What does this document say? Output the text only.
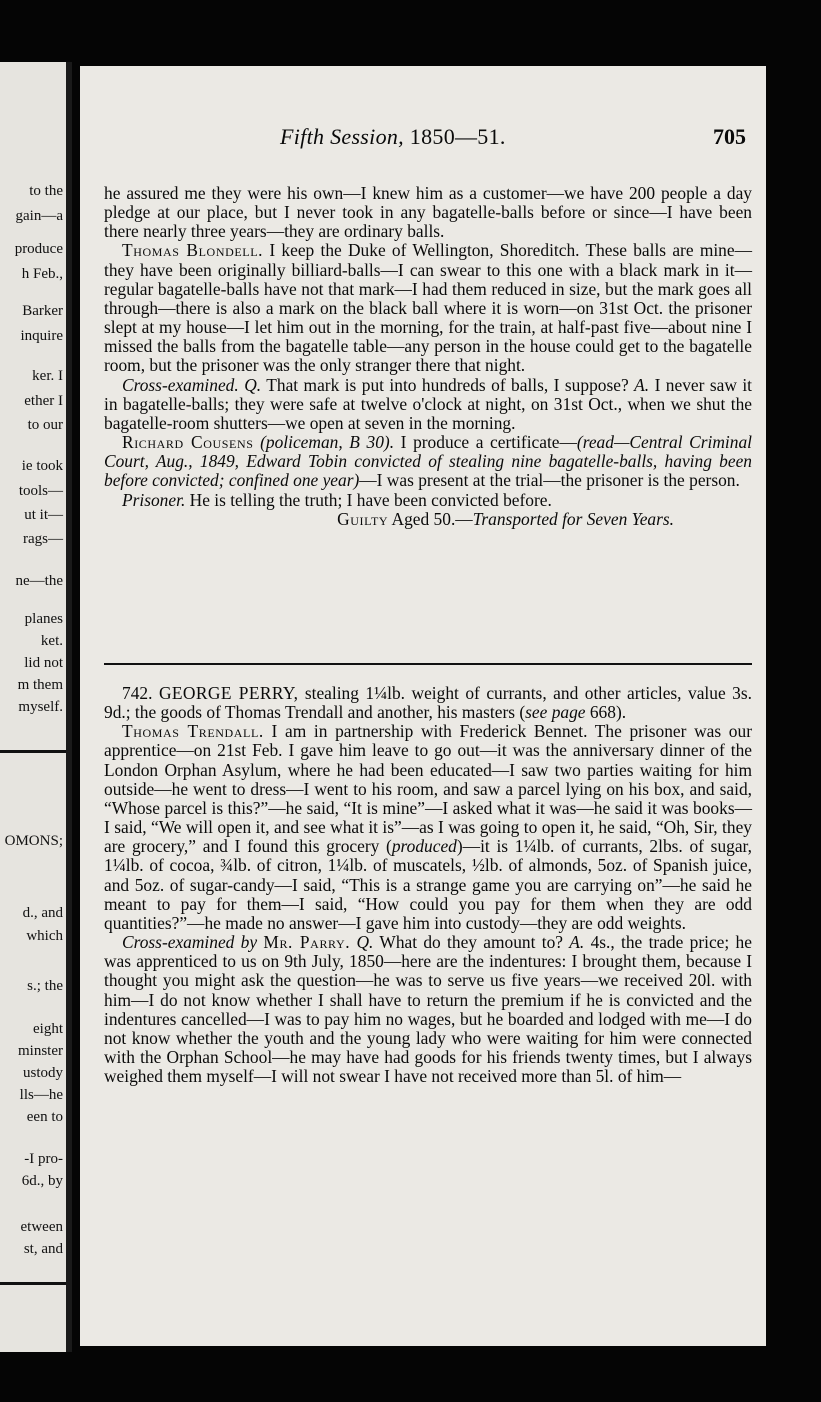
to the
gain—a
produce
h Feb.,
Barker
inquire
ker. I
ether I
to our
ie took
tools—
ut it—
rags—
ne—the
planes
ket.
lid not
m them
myself.
OMONS;
d., and
which
s.; the
eight
minster
ustody
lls—he
een to
-I pro-
6d., by
etween
st, and
Fifth Session, 1850—51.	705

he assured me they were his own—I knew him as a customer—we have 200 people a day pledge at our place, but I never took in any bagatelle-balls before or since—I have been there nearly three years—they are ordinary balls.

Thomas Blondell. I keep the Duke of Wellington, Shoreditch. These balls are mine—they have been originally billiard-balls—I can swear to this one with a black mark in it—regular bagatelle-balls have not that mark—I had them reduced in size, but the mark goes all through—there is also a mark on the black ball where it is worn—on 31st Oct. the prisoner slept at my house—I let him out in the morning, for the train, at half-past five—about nine I missed the balls from the bagatelle table—any person in the house could get to the bagatelle room, but the prisoner was the only stranger there that night.

Cross-examined. Q. That mark is put into hundreds of balls, I suppose? A. I never saw it in bagatelle-balls; they were safe at twelve o'clock at night, on 31st Oct., when we shut the bagatelle-room shutters—we open at seven in the morning.

Richard Cousens (policeman, B 30). I produce a certificate—(read—Central Criminal Court, Aug., 1849, Edward Tobin convicted of stealing nine bagatelle-balls, having been before convicted; confined one year)—I was present at the trial—the prisoner is the person.

Prisoner. He is telling the truth; I have been convicted before.

Guilty Aged 50.—Transported for Seven Years.

742. GEORGE PERRY, stealing 1¼lb. weight of currants, and other articles, value 3s. 9d.; the goods of Thomas Trendall and another, his masters (see page 668).

Thomas Trendall. I am in partnership with Frederick Bennet. The prisoner was our apprentice—on 21st Feb. I gave him leave to go out—it was the anniversary dinner of the London Orphan Asylum, where he had been educated—I saw two parties waiting for him outside—he went to dress—I went to his room, and saw a parcel lying on his box, and said, “Whose parcel is this?”—he said, “It is mine”—I asked what it was—he said it was books—I said, “We will open it, and see what it is”—as I was going to open it, he said, “Oh, Sir, they are grocery,” and I found this grocery (produced)—it is 1¼lb. of currants, 2lbs. of sugar, 1¼lb. of cocoa, ¾lb. of citron, 1¼lb. of muscatels, ½lb. of almonds, 5oz. of Spanish juice, and 5oz. of sugar-candy—I said, “This is a strange game you are carrying on”—he said he meant to pay for them—I said, “How could you pay for them when they are odd quantities?”—he made no answer—I gave him into custody—they are odd weights.

Cross-examined by Mr. Parry. Q. What do they amount to? A. 4s., the trade price; he was apprenticed to us on 9th July, 1850—here are the indentures: I brought them, because I thought you might ask the question—he was to serve us five years—we received 20l. with him—I do not know whether I shall have to return the premium if he is convicted and the indentures cancelled—I was to pay him no wages, but he boarded and lodged with me—I do not know whether the youth and the young lady who were waiting for him were connected with the Orphan School—he may have had goods for his friends twenty times, but I always weighed them myself—I will not swear I have not received more than 5l. of him—
